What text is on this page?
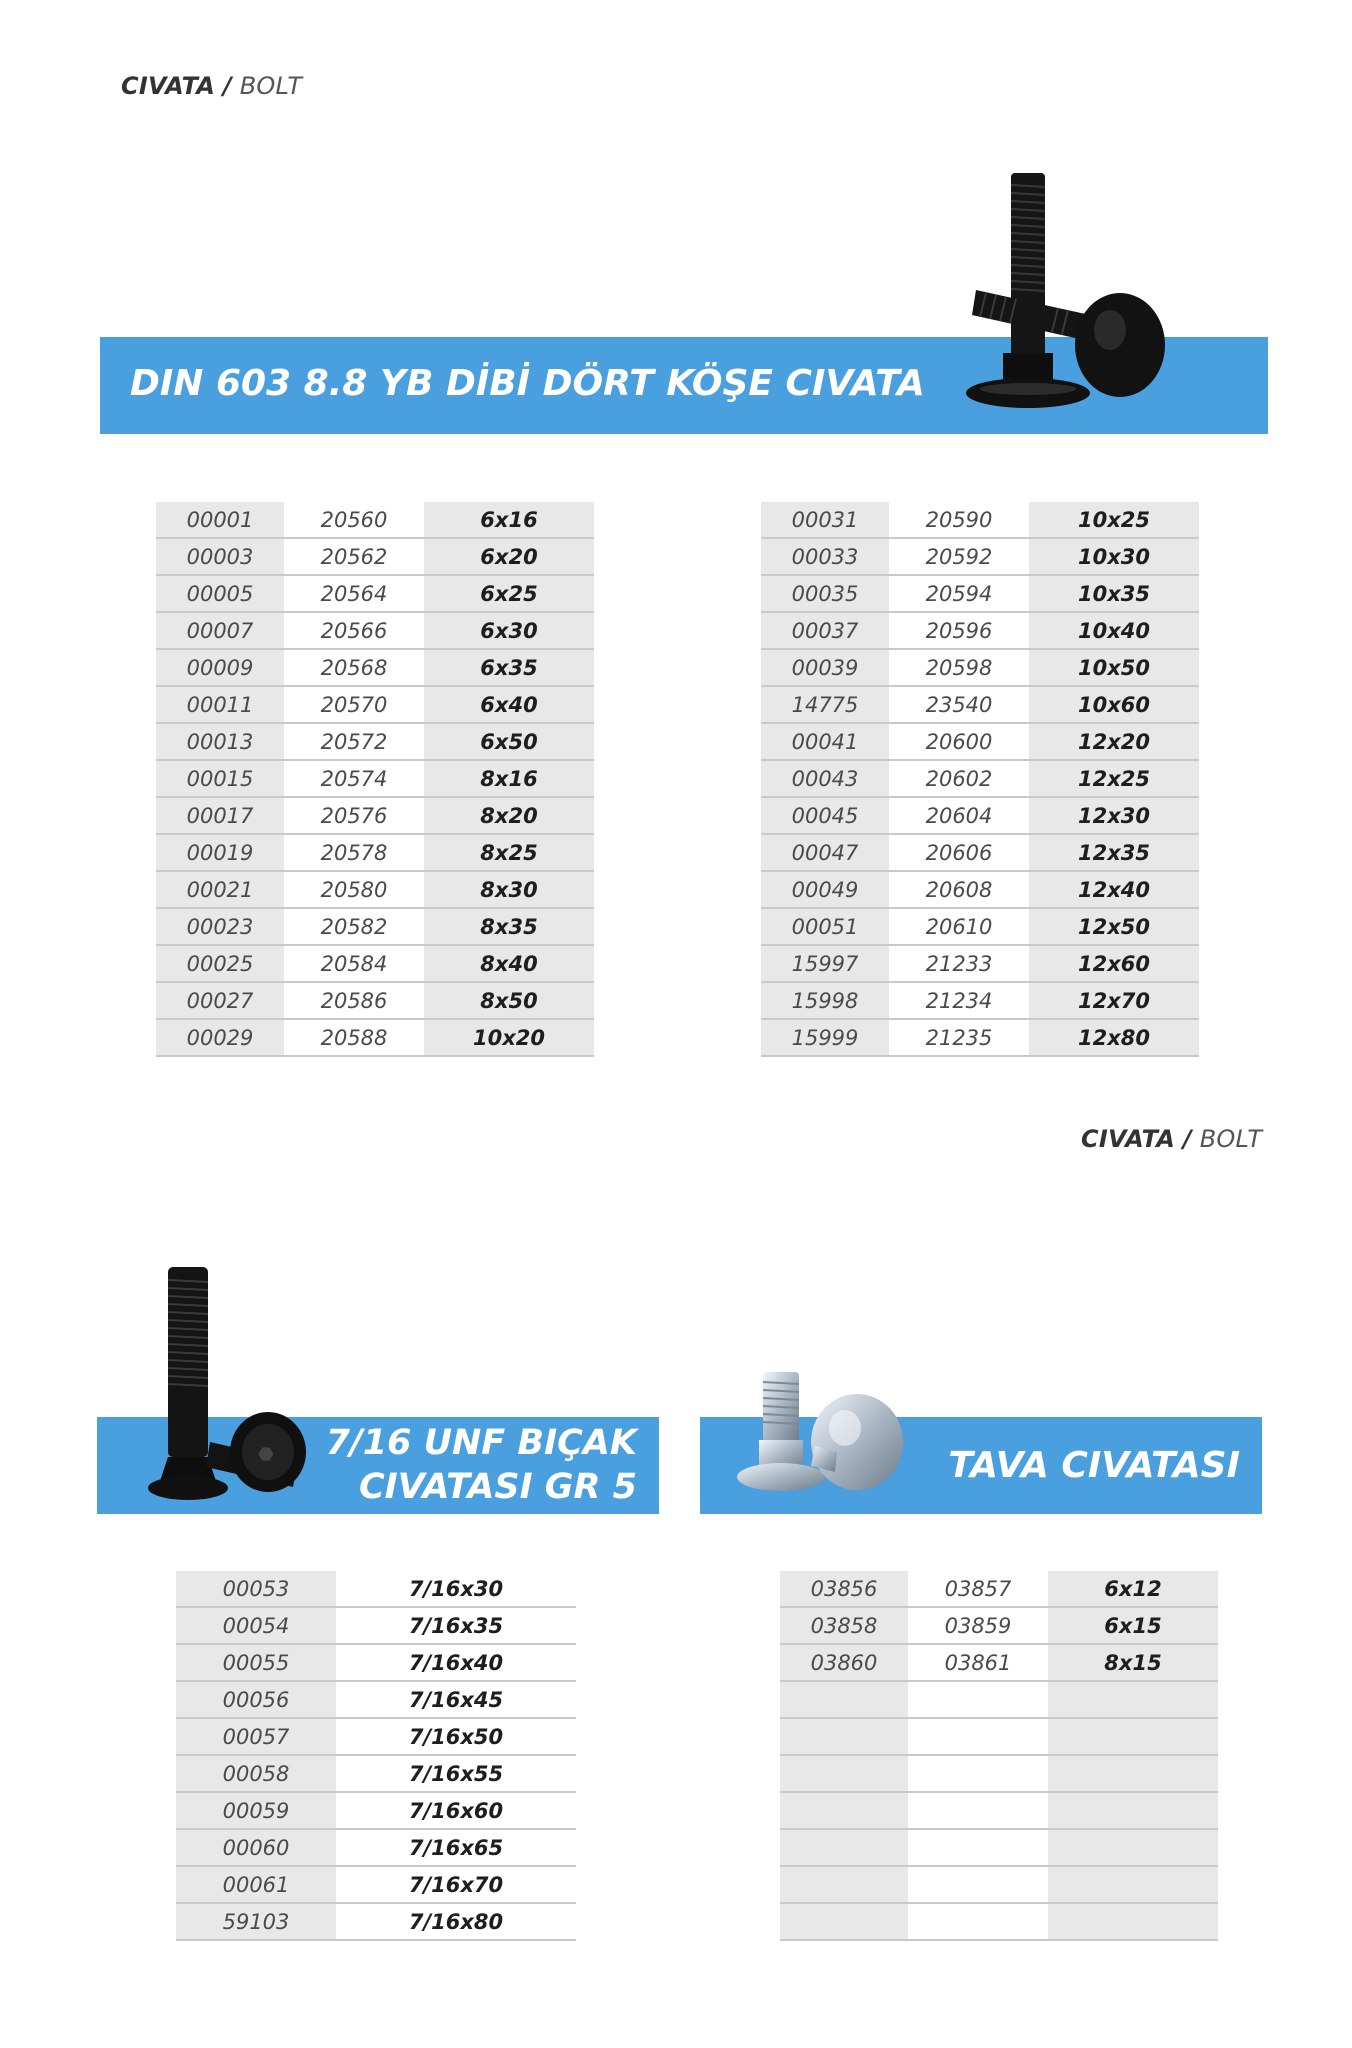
CIVATA / BOLT
DIN 603 8.8 YB DİBİ DÖRT KÖŞE CIVATA
00001	20560	6x16
00003	20562	6x20
00005	20564	6x25
00007	20566	6x30
00009	20568	6x35
00011	20570	6x40
00013	20572	6x50
00015	20574	8x16
00017	20576	8x20
00019	20578	8x25
00021	20580	8x30
00023	20582	8x35
00025	20584	8x40
00027	20586	8x50
00029	20588	10x20
00031	20590	10x25
00033	20592	10x30
00035	20594	10x35
00037	20596	10x40
00039	20598	10x50
14775	23540	10x60
00041	20600	12x20
00043	20602	12x25
00045	20604	12x30
00047	20606	12x35
00049	20608	12x40
00051	20610	12x50
15997	21233	12x60
15998	21234	12x70
15999	21235	12x80
CIVATA / BOLT
7/16 UNF BIÇAK
CIVATASI GR 5
⬣
00053	7/16x30
00054	7/16x35
00055	7/16x40
00056	7/16x45
00057	7/16x50
00058	7/16x55
00059	7/16x60
00060	7/16x65
00061	7/16x70
59103	7/16x80
TAVA CIVATASI
03856	03857	6x12
03858	03859	6x15
03860	03861	8x15
